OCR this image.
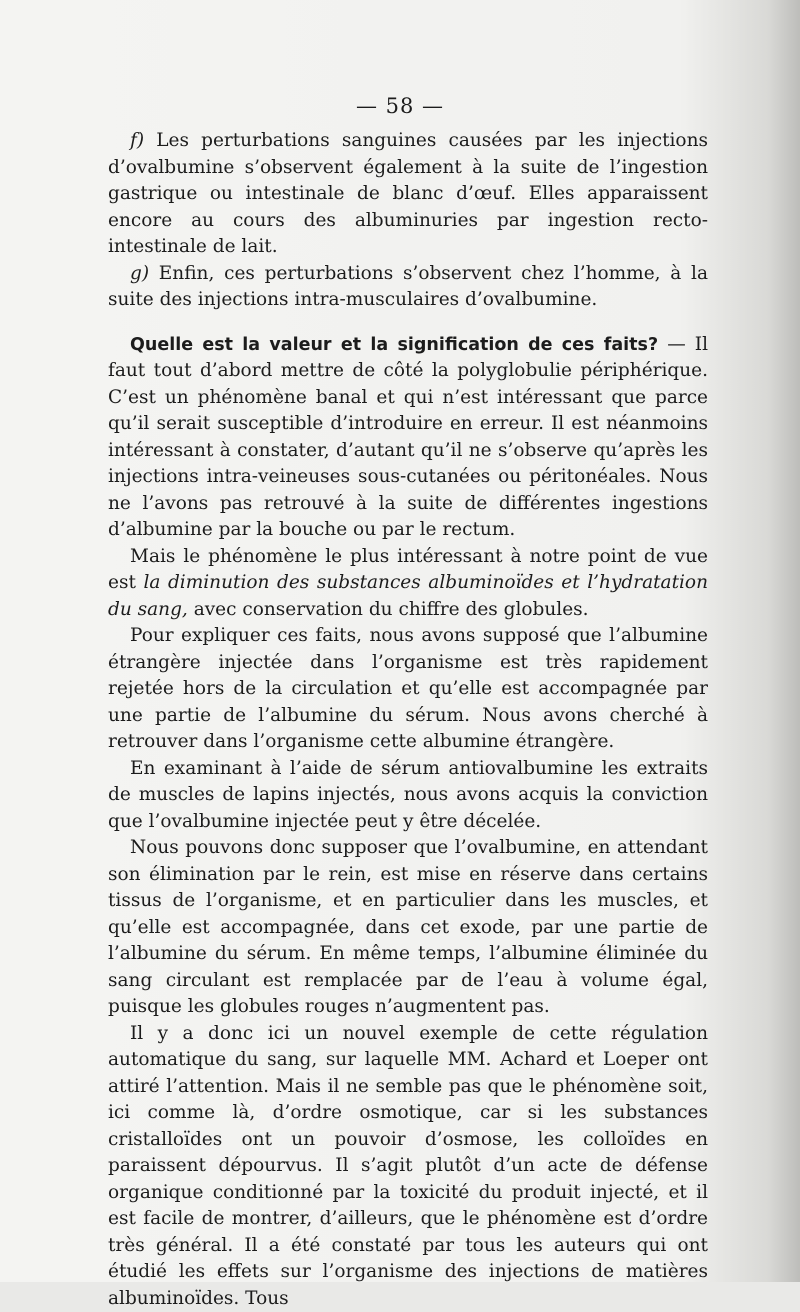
— 58 —

f) Les perturbations sanguines causées par les injections d’ovalbumine s’observent également à la suite de l’ingestion gastrique ou intestinale de blanc d’œuf. Elles apparaissent encore au cours des albuminuries par ingestion recto-intestinale de lait.

g) Enfin, ces perturbations s’observent chez l’homme, à la suite des injections intra-musculaires d’ovalbumine.

Quelle est la valeur et la signification de ces faits? — Il faut tout d’abord mettre de côté la polyglobulie périphérique. C’est un phénomène banal et qui n’est intéressant que parce qu’il serait susceptible d’introduire en erreur. Il est néanmoins intéressant à constater, d’autant qu’il ne s’observe qu’après les injections intra-veineuses sous-cutanées ou péritonéales. Nous ne l’avons pas retrouvé à la suite de différentes ingestions d’albumine par la bouche ou par le rectum.

Mais le phénomène le plus intéressant à notre point de vue est la diminution des substances albuminoïdes et l’hydratation du sang, avec conservation du chiffre des globules.

Pour expliquer ces faits, nous avons supposé que l’albumine étrangère injectée dans l’organisme est très rapidement rejetée hors de la circulation et qu’elle est accompagnée par une partie de l’albumine du sérum. Nous avons cherché à retrouver dans l’organisme cette albumine étrangère.

En examinant à l’aide de sérum antiovalbumine les extraits de muscles de lapins injectés, nous avons acquis la conviction que l’ovalbumine injectée peut y être décelée.

Nous pouvons donc supposer que l’ovalbumine, en attendant son élimination par le rein, est mise en réserve dans certains tissus de l’organisme, et en particulier dans les muscles, et qu’elle est accompagnée, dans cet exode, par une partie de l’albumine du sérum. En même temps, l’albumine éliminée du sang circulant est remplacée par de l’eau à volume égal, puisque les globules rouges n’augmentent pas.

Il y a donc ici un nouvel exemple de cette régulation automatique du sang, sur laquelle MM. Achard et Loeper ont attiré l’attention. Mais il ne semble pas que le phénomène soit, ici comme là, d’ordre osmotique, car si les substances cristalloïdes ont un pouvoir d’osmose, les colloïdes en paraissent dépourvus. Il s’agit plutôt d’un acte de défense organique conditionné par la toxicité du produit injecté, et il est facile de montrer, d’ailleurs, que le phénomène est d’ordre très général. Il a été constaté par tous les auteurs qui ont étudié les effets sur l’organisme des injections de matières albuminoïdes. Tous
